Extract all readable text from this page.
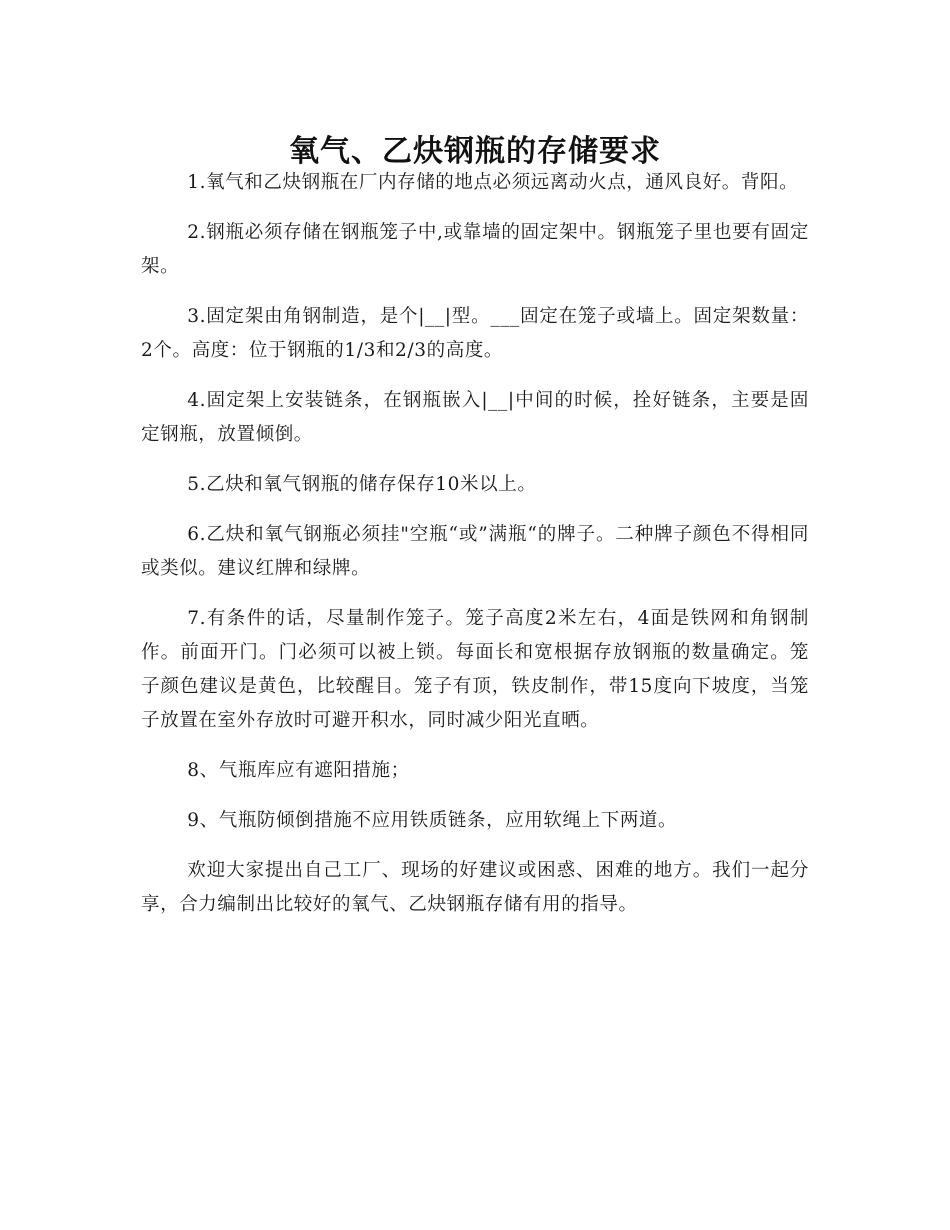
氧气、乙炔钢瓶的存储要求

1.氧气和乙炔钢瓶在厂内存储的地点必须远离动火点，通风良好。背阳。

2.钢瓶必须存储在钢瓶笼子中,或靠墙的固定架中。钢瓶笼子里也要有固定架。

3.固定架由角钢制造，是个|__|型。___固定在笼子或墙上。固定架数量：2个。高度：位于钢瓶的1/3和2/3的高度。

4.固定架上安装链条，在钢瓶嵌入|__|中间的时候，拴好链条，主要是固定钢瓶，放置倾倒。

5.乙炔和氧气钢瓶的储存保存10米以上。

6.乙炔和氧气钢瓶必须挂"空瓶“或”满瓶“的牌子。二种牌子颜色不得相同或类似。建议红牌和绿牌。

7.有条件的话，尽量制作笼子。笼子高度2米左右，4面是铁网和角钢制作。前面开门。门必须可以被上锁。每面长和宽根据存放钢瓶的数量确定。笼子颜色建议是黄色，比较醒目。笼子有顶，铁皮制作，带15度向下坡度，当笼子放置在室外存放时可避开积水，同时减少阳光直晒。

8、气瓶库应有遮阳措施；

9、气瓶防倾倒措施不应用铁质链条，应用软绳上下两道。

欢迎大家提出自己工厂、现场的好建议或困惑、困难的地方。我们一起分享，合力编制出比较好的氧气、乙炔钢瓶存储有用的指导。
